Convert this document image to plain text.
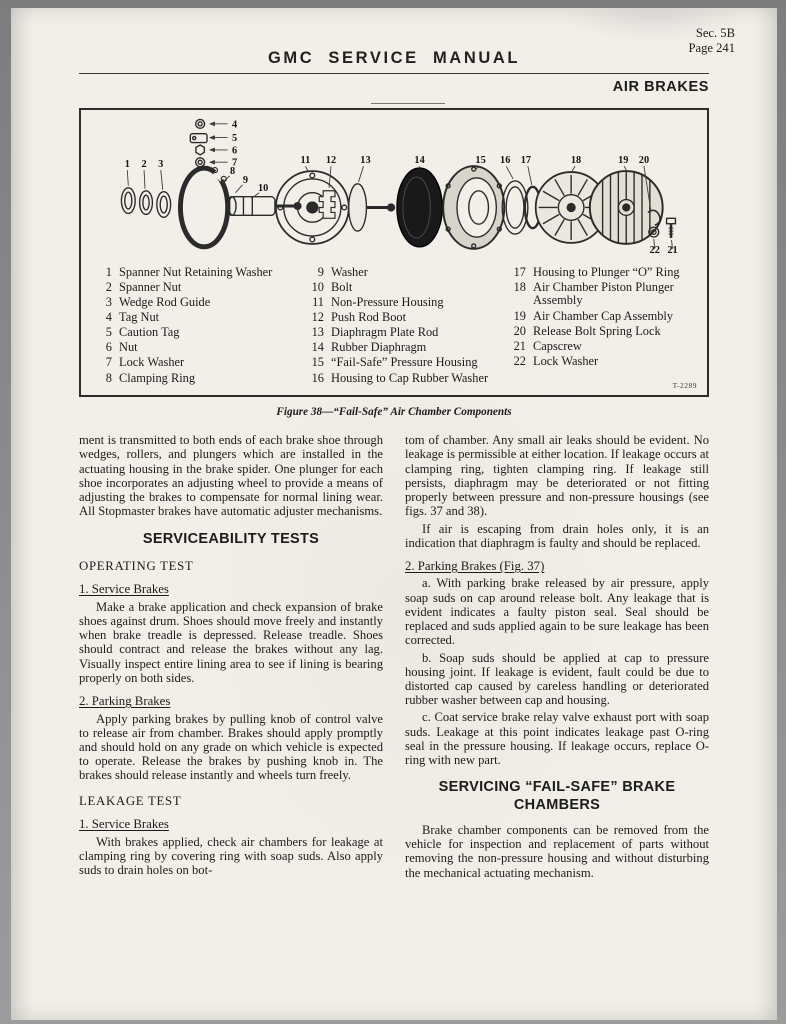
GMC SERVICE MANUAL
Sec. 5B
Page 241
AIR BRAKES
1 2 3
4
5
6
7
8
9
10
11 12 13	14	15 16 17	18	19 20
21
22
1 Spanner Nut Retaining Washer
2 Spanner Nut
3 Wedge Rod Guide
4 Tag Nut
5 Caution Tag
6 Nut
7 Lock Washer
8 Clamping Ring
9 Washer
10 Bolt
11 Non-Pressure Housing
12 Push Rod Boot
13 Diaphragm Plate Rod
14 Rubber Diaphragm
15 “Fail-Safe” Pressure Housing
16 Housing to Cap Rubber Washer
17 Housing to Plunger “O” Ring
18 Air Chamber Piston Plunger Assembly
19 Air Chamber Cap Assembly
20 Release Bolt Spring Lock
21 Capscrew
22 Lock Washer
T-2289
Figure 38—“Fail-Safe” Air Chamber Components

ment is transmitted to both ends of each brake shoe through wedges, rollers, and plungers which are installed in the actuating housing in the brake spider. One plunger for each shoe incorporates an adjusting wheel to provide a means of adjusting the brakes to compensate for normal lining wear. All Stopmaster brakes have automatic adjuster mechanisms.

SERVICEABILITY TESTS
OPERATING TEST
1. Service Brakes

Make a brake application and check expansion of brake shoes against drum. Shoes should move freely and instantly when brake treadle is depressed. Release treadle. Shoes should contract and release the brakes without any lag. Visually inspect entire lining area to see if lining is bearing properly on both sides.

2. Parking Brakes

Apply parking brakes by pulling knob of control valve to release air from chamber. Brakes should apply promptly and should hold on any grade on which vehicle is expected to operate. Release the brakes by pushing knob in. The brakes should release instantly and wheels turn freely.

LEAKAGE TEST
1. Service Brakes

With brakes applied, check air chambers for leakage at clamping ring by covering ring with soap suds. Also apply suds to drain holes on bot-

tom of chamber. Any small air leaks should be evident. No leakage is permissible at either location. If leakage occurs at clamping ring, tighten clamping ring. If leakage still persists, diaphragm may be deteriorated or not fitting properly between pressure and non-pressure housings (see figs. 37 and 38).

If air is escaping from drain holes only, it is an indication that diaphragm is faulty and should be replaced.

2. Parking Brakes (Fig. 37)

a. With parking brake released by air pressure, apply soap suds on cap around release bolt. Any leakage that is evident indicates a faulty piston seal. Seal should be replaced and suds applied again to be sure leakage has been corrected.

b. Soap suds should be applied at cap to pressure housing joint. If leakage is evident, fault could be due to distorted cap caused by careless handling or deteriorated rubber washer between cap and housing.

c. Coat service brake relay valve exhaust port with soap suds. Leakage at this point indicates leakage past O-ring seal in the pressure housing. If leakage occurs, replace O-ring with new part.

SERVICING “FAIL-SAFE” BRAKE CHAMBERS

Brake chamber components can be removed from the vehicle for inspection and replacement of parts without removing the non-pressure housing and without disturbing the mechanical actuating mechanism.
